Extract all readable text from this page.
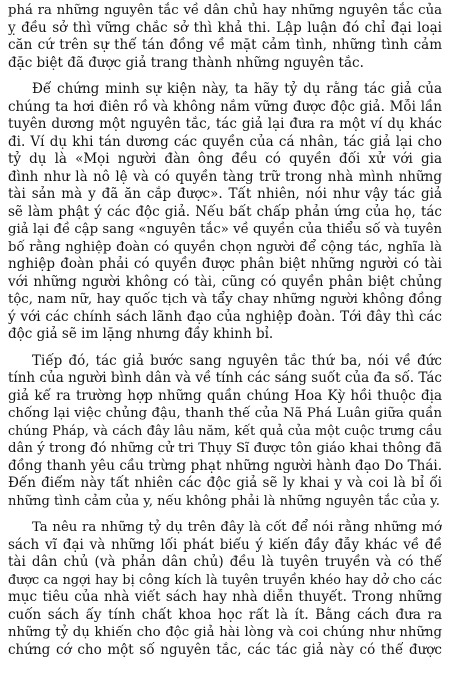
phá ra những nguyên tắc về dân chủ hay những nguyên tắc của
ỵ đều sở thì vững chắc sở thì khả thi. Lập luận đó chỉ đại loại
căn cứ trên sự thể tán đồng về mặt cảm tình, những tình cảm
đặc biệt đã được giả trang thành những nguyên tắc.
Để chứng minh sự kiện này, ta hãy tỷ dụ rằng tác giả của
chúng ta hơi điên rồ và không nắm vững được độc giả. Mỗi lần
tuyên dương một nguyên tắc, tác giả lại đưa ra một ví dụ khác
đi. Ví dụ khi tán dương các quyền của cá nhân, tác giả lại cho
tỷ dụ là «Mọi người đàn ông đều có quyền đối xử với gia
đình như là nô lệ và có quyền tàng trữ trong nhà mình những
tài sản mà y đã ăn cắp được». Tất nhiên, nói như vậy tác giả
sẽ làm phật ý các độc giả. Nếu bất chấp phản ứng của họ, tác
giả lại đề cập sang «nguyên tắc» về quyền của thiểu số và tuyên
bố rằng nghiệp đoàn có quyền chọn người để cộng tác, nghĩa là
nghiệp đoàn phải có quyền được phân biệt những người có tài
với những người không có tài, cũng có quyền phân biệt chủng
tộc, nam nữ, hay quốc tịch và tẩy chay những người không đồng
ý với các chính sách lãnh đạo của nghiệp đoàn. Tới đây thì các
độc giả sẽ im lặng nhưng đầy khinh bỉ.
Tiếp đó, tác giả bước sang nguyên tắc thứ ba, nói về đức
tính của người bình dân và về tính các sáng suốt của đa số. Tác
giả kể ra trường hợp những quần chúng Hoa Kỳ hồi thuộc địa
chống lại việc chủng đậu, thanh thế của Nã Phá Luân giữa quần
chúng Pháp, và cách đây lâu năm, kết quả của một cuộc trưng cầu
dân ý trong đó những cử tri Thụy Sĩ được tôn giáo khai thông đã
đồng thanh yêu cầu trừng phạt những người hành đạo Do Thái.
Đến điểm này tất nhiên các độc giả sẽ ly khai y và coi là bỉ ổi
những tình cảm của y, nếu không phải là những nguyên tắc của y.
Ta nêu ra những tỷ dụ trên đây là cốt để nói rằng những mớ
sách vĩ đại và những lối phát biểu ý kiến đầy đẫy khác về đề
tài dân chủ (và phản dân chủ) đều là tuyên truyền và có thể
được ca ngợi hay bị công kích là tuyên truyền khéo hay dở cho các
mục tiêu của nhà viết sách hay nhà diễn thuyết. Trong những
cuốn sách ấy tính chất khoa học rất là ít. Bằng cách đưa ra
những tỷ dụ khiến cho độc giả hài lòng và coi chúng như những
chứng cớ cho một số nguyên tắc, các tác giả này có thể được
